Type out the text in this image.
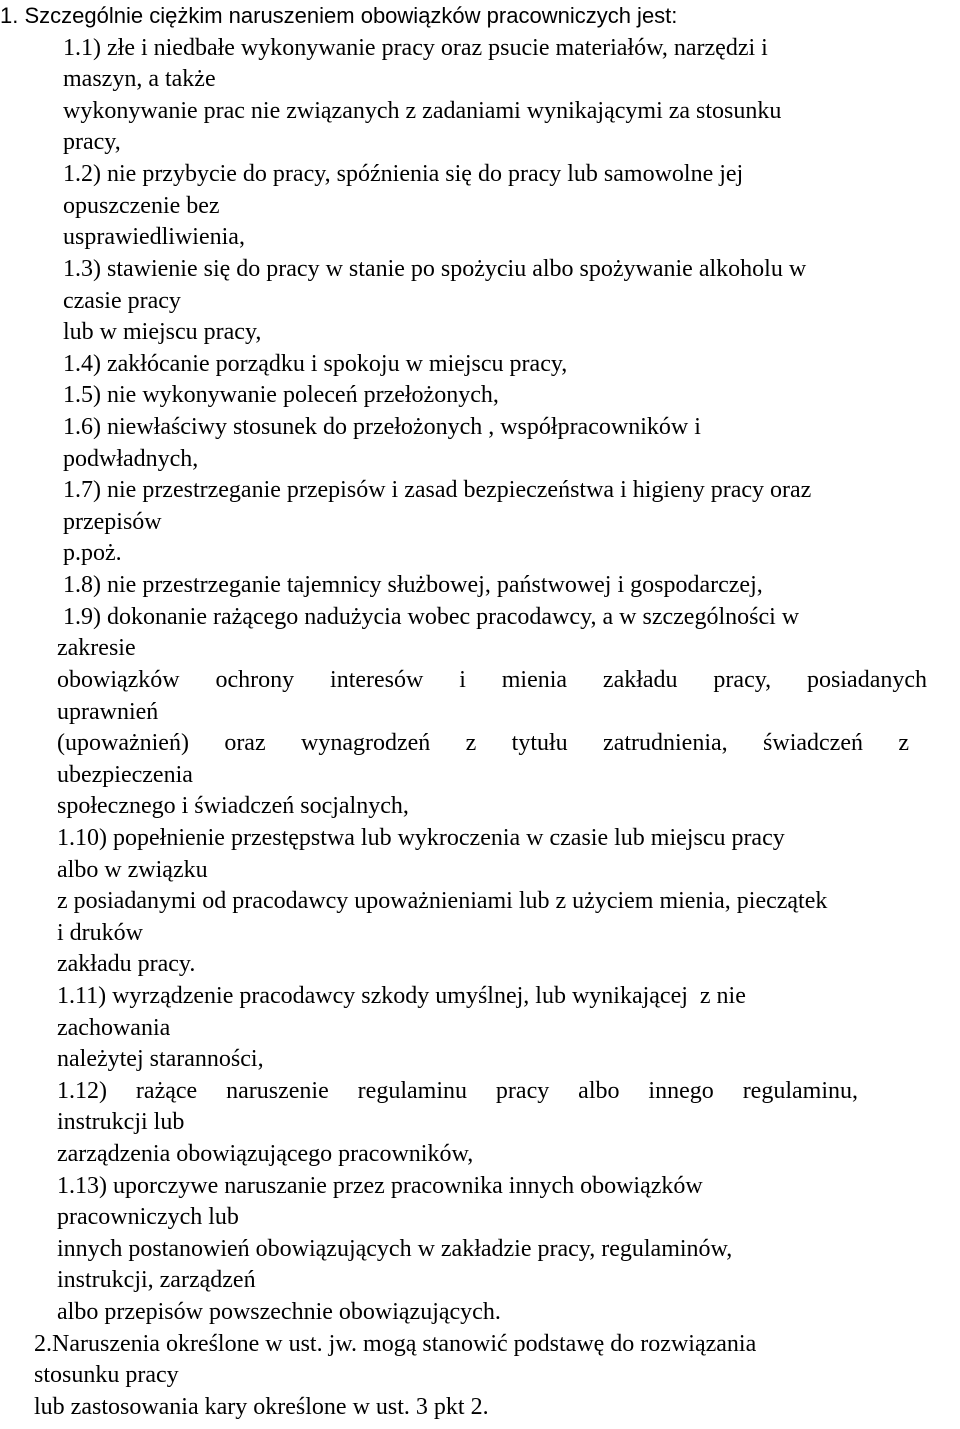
1. Szczególnie ciężkim naruszeniem obowiązków pracowniczych jest:
1.1) złe i niedbałe wykonywanie pracy oraz psucie materiałów, narzędzi i
maszyn, a także
wykonywanie prac nie związanych z zadaniami wynikającymi za stosunku
pracy,
1.2) nie przybycie do pracy, spóźnienia się do pracy lub samowolne jej
opuszczenie bez
usprawiedliwienia,
1.3) stawienie się do pracy w stanie po spożyciu albo spożywanie alkoholu w
czasie pracy
lub w miejscu pracy,
1.4) zakłócanie porządku i spokoju w miejscu pracy,
1.5) nie wykonywanie poleceń przełożonych,
1.6) niewłaściwy stosunek do przełożonych , współpracowników i
podwładnych,
1.7) nie przestrzeganie przepisów i zasad bezpieczeństwa i higieny pracy oraz
przepisów
p.poż.
1.8) nie przestrzeganie tajemnicy służbowej, państwowej i gospodarczej,
1.9) dokonanie rażącego nadużycia wobec pracodawcy, a w szczególności w
zakresie
obowiązków ochrony interesów i mienia zakładu pracy, posiadanych
uprawnień
(upoważnień) oraz wynagrodzeń z tytułu zatrudnienia, świadczeń z
ubezpieczenia
społecznego i świadczeń socjalnych,
1.10) popełnienie przestępstwa lub wykroczenia w czasie lub miejscu pracy
albo w związku
z posiadanymi od pracodawcy upoważnieniami lub z użyciem mienia, pieczątek
i druków
zakładu pracy.
1.11) wyrządzenie pracodawcy szkody umyślnej, lub wynikającej  z nie
zachowania
należytej staranności,
1.12) rażące naruszenie regulaminu pracy albo innego regulaminu,
instrukcji lub
zarządzenia obowiązującego pracowników,
1.13) uporczywe naruszanie przez pracownika innych obowiązków
pracowniczych lub
innych postanowień obowiązujących w zakładzie pracy, regulaminów,
instrukcji, zarządzeń
albo przepisów powszechnie obowiązujących.
2.Naruszenia określone w ust. jw. mogą stanowić podstawę do rozwiązania
stosunku pracy
lub zastosowania kary określone w ust. 3 pkt 2.
